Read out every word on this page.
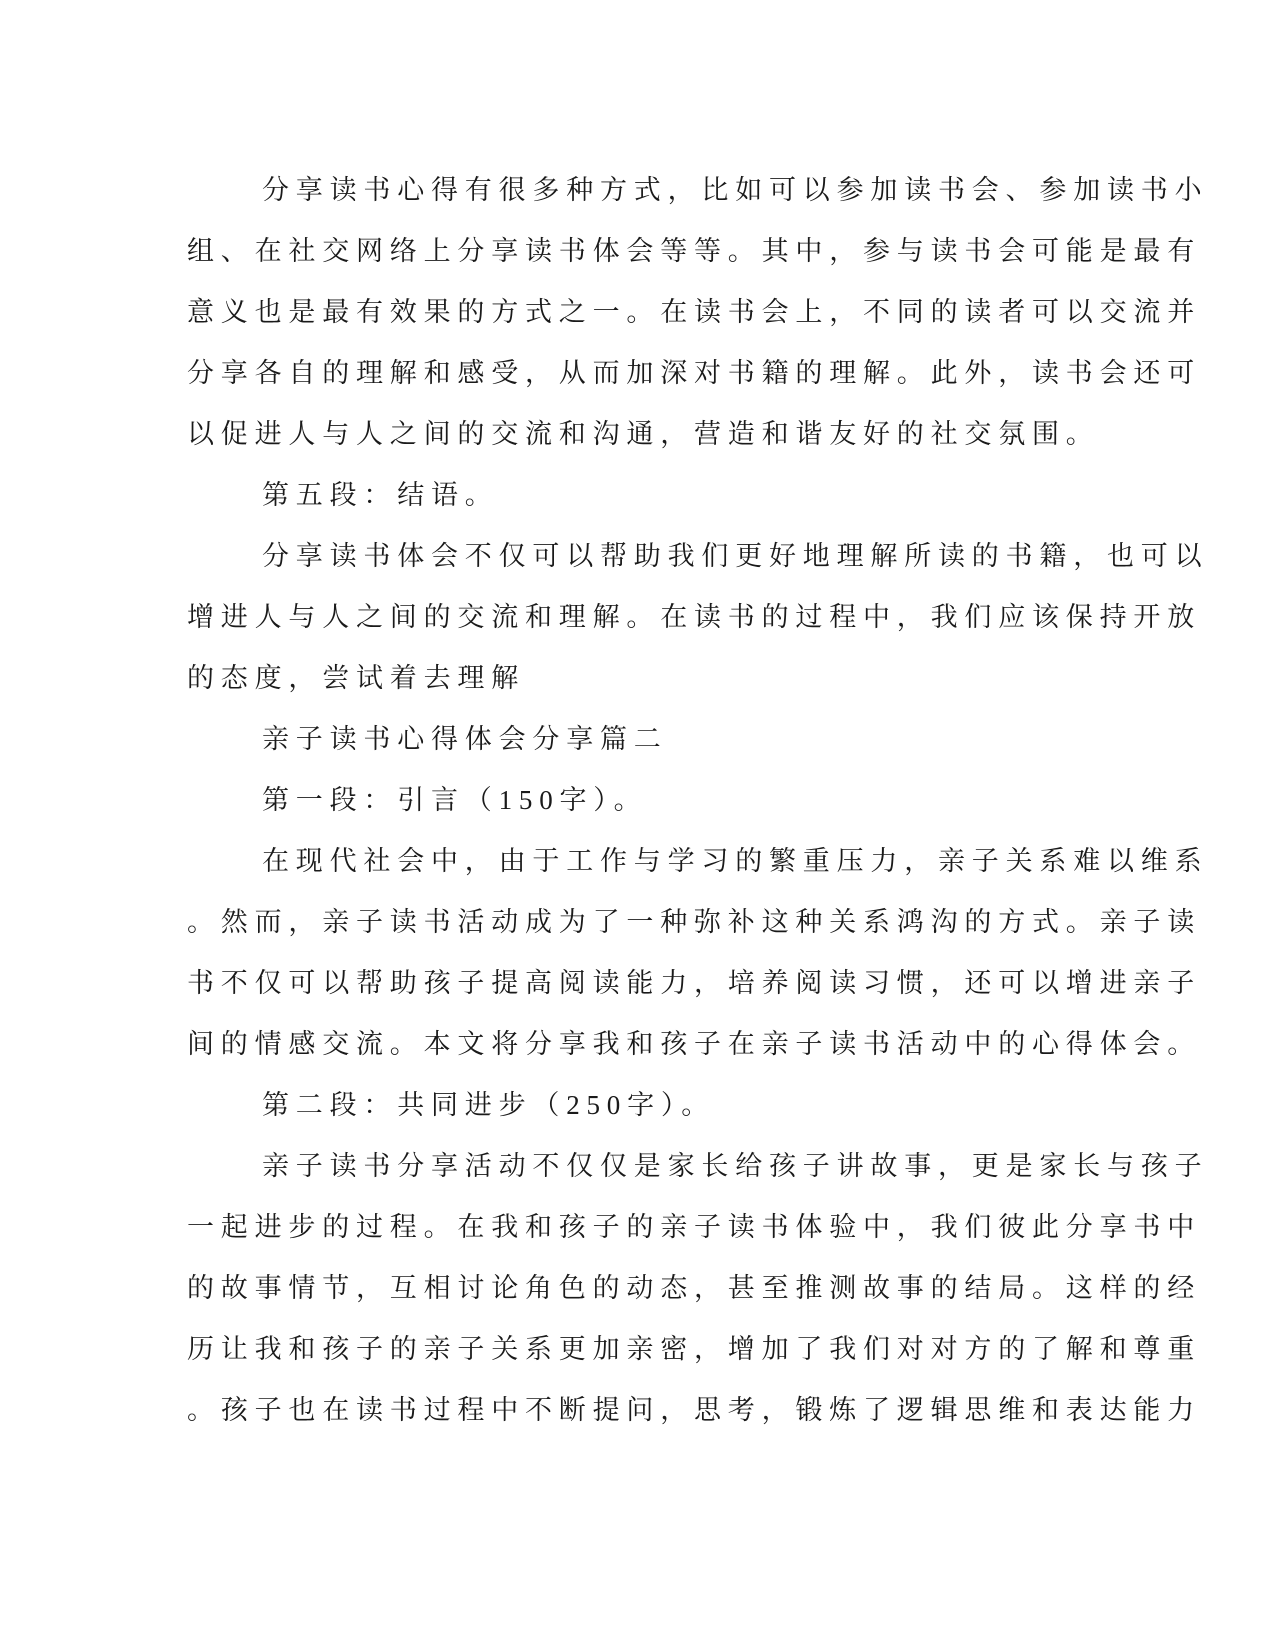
分享读书心得有很多种方式，比如可以参加读书会、参加读书小
组、在社交网络上分享读书体会等等。其中，参与读书会可能是最有
意义也是最有效果的方式之一。在读书会上，不同的读者可以交流并
分享各自的理解和感受，从而加深对书籍的理解。此外，读书会还可
以促进人与人之间的交流和沟通，营造和谐友好的社交氛围。
第五段：结语。
分享读书体会不仅可以帮助我们更好地理解所读的书籍，也可以
增进人与人之间的交流和理解。在读书的过程中，我们应该保持开放
的态度，尝试着去理解
亲子读书心得体会分享篇二
第一段：引言（150字）。
在现代社会中，由于工作与学习的繁重压力，亲子关系难以维系
。然而，亲子读书活动成为了一种弥补这种关系鸿沟的方式。亲子读
书不仅可以帮助孩子提高阅读能力，培养阅读习惯，还可以增进亲子
间的情感交流。本文将分享我和孩子在亲子读书活动中的心得体会。
第二段：共同进步（250字）。
亲子读书分享活动不仅仅是家长给孩子讲故事，更是家长与孩子
一起进步的过程。在我和孩子的亲子读书体验中，我们彼此分享书中
的故事情节，互相讨论角色的动态，甚至推测故事的结局。这样的经
历让我和孩子的亲子关系更加亲密，增加了我们对对方的了解和尊重
。孩子也在读书过程中不断提问，思考，锻炼了逻辑思维和表达能力
